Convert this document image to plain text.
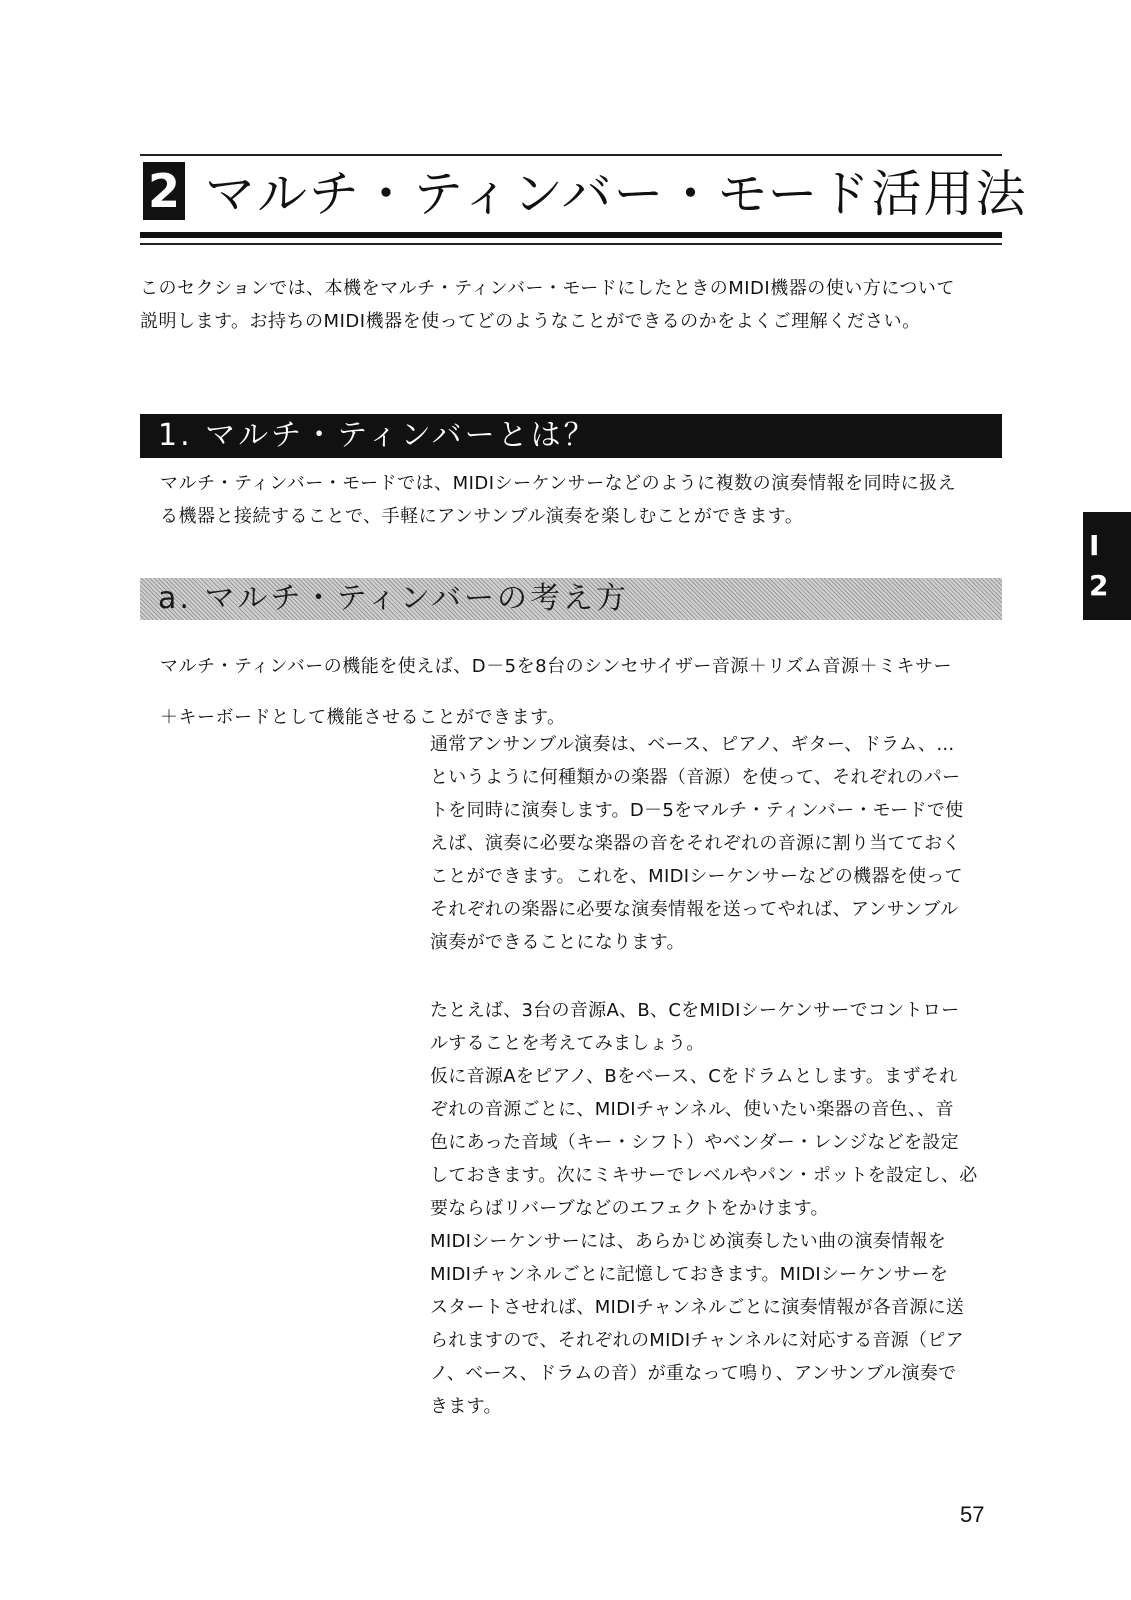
2 マルチ・ティンバー・モード活用法

このセクションでは、本機をマルチ・ティンバー・モードにしたときのMIDI機器の使い方について

説明します。お持ちのMIDI機器を使ってどのようなことができるのかをよくご理解ください。

1. マルチ・ティンバーとは？

マルチ・ティンバー・モードでは、MIDIシーケンサーなどのように複数の演奏情報を同時に扱え

る機器と接続することで、手軽にアンサンブル演奏を楽しむことができます。

a. マルチ・ティンバーの考え方

マルチ・ティンバーの機能を使えば、D－5を8台のシンセサイザー音源＋リズム音源＋ミキサー

＋キーボードとして機能させることができます。

通常アンサンブル演奏は、ベース、ピアノ、ギター、ドラム、…

というように何種類かの楽器（音源）を使って、それぞれのパー

トを同時に演奏します。D－5をマルチ・ティンバー・モードで使

えば、演奏に必要な楽器の音をそれぞれの音源に割り当てておく

ことができます。これを、MIDIシーケンサーなどの機器を使って

それぞれの楽器に必要な演奏情報を送ってやれば、アンサンブル

演奏ができることになります。

たとえば、3台の音源A、B、CをMIDIシーケンサーでコントロー

ルすることを考えてみましょう。

仮に音源Aをピアノ、Bをベース、Cをドラムとします。まずそれ

ぞれの音源ごとに、MIDIチャンネル、使いたい楽器の音色、、音

色にあった音域（キー・シフト）やベンダー・レンジなどを設定

しておきます。次にミキサーでレベルやパン・ポットを設定し、必

要ならばリバーブなどのエフェクトをかけます。

MIDIシーケンサーには、あらかじめ演奏したい曲の演奏情報を

MIDIチャンネルごとに記憶しておきます。MIDIシーケンサーを

スタートさせれば、MIDIチャンネルごとに演奏情報が各音源に送

られますので、それぞれのMIDIチャンネルに対応する音源（ピア

ノ、ベース、ドラムの音）が重なって鳴り、アンサンブル演奏で

きます。

I
2
57
